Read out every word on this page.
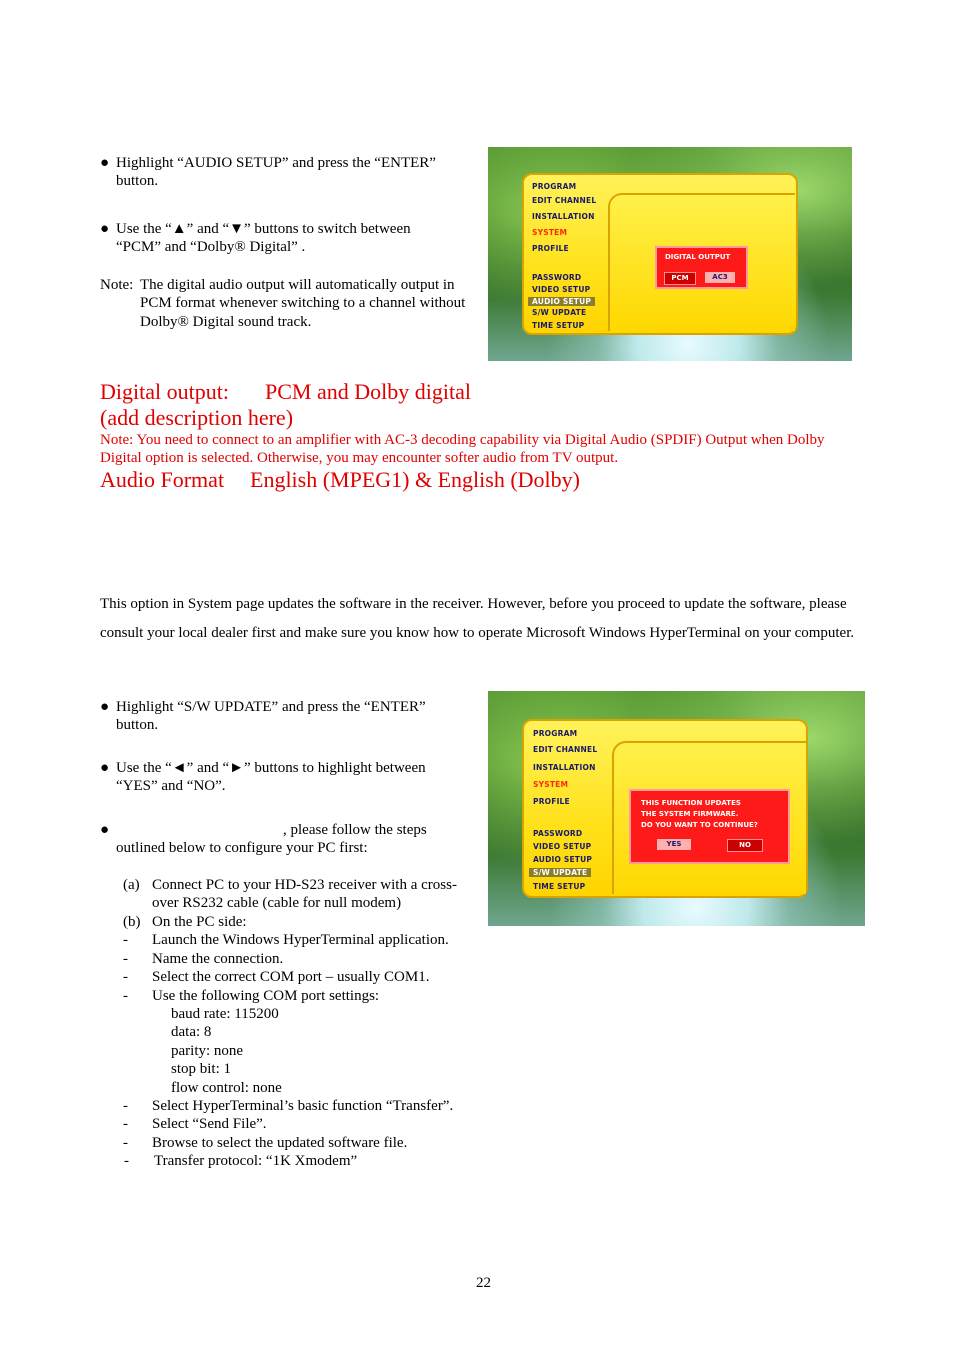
● Highlight “AUDIO SETUP” and press the “ENTER” button.
● Use the “▲” and “▼” buttons to switch between “PCM” and “Dolby® Digital” .
Note: The digital audio output will automatically output in PCM format whenever switching to a channel without Dolby® Digital sound track.
PROGRAM
EDIT CHANNEL
INSTALLATION
SYSTEM
PROFILE
PASSWORD
VIDEO SETUP
AUDIO SETUP
S/W UPDATE
TIME SETUP
DIGITAL OUTPUT
PCM	AC3
Digital output: PCM and Dolby digital
(add description here)
Note: You need to connect to an amplifier with AC-3 decoding capability via Digital Audio (SPDIF) Output when Dolby Digital option is selected. Otherwise, you may encounter softer audio from TV output.
Audio Format English (MPEG1) & English (Dolby)
This option in System page updates the software in the receiver. However, before you proceed to update the software, please consult your local dealer first and make sure you know how to operate Microsoft Windows HyperTerminal on your computer.
● Highlight “S/W UPDATE” and press the “ENTER” button.
● Use the “◄” and “►” buttons to highlight between “YES” and “NO”.
●	, please follow the steps outlined below to configure your PC first:
(a) Connect PC to your HD-S23 receiver with a cross-over RS232 cable (cable for null modem)
(b) On the PC side:
- Launch the Windows HyperTerminal application.
- Name the connection.
- Select the correct COM port – usually COM1.
- Use the following COM port settings:
baud rate: 115200
data: 8
parity: none
stop bit: 1
flow control: none
- Select HyperTerminal’s basic function “Transfer”.
- Select “Send File”.
- Browse to select the updated software file.
- Transfer protocol: “1K Xmodem”
PROGRAM
EDIT CHANNEL
INSTALLATION
SYSTEM
PROFILE
PASSWORD
VIDEO SETUP
AUDIO SETUP
S/W UPDATE
TIME SETUP
THIS FUNCTION UPDATES
THE SYSTEM FIRMWARE.
DO YOU WANT TO CONTINUE?
YES	NO
22
